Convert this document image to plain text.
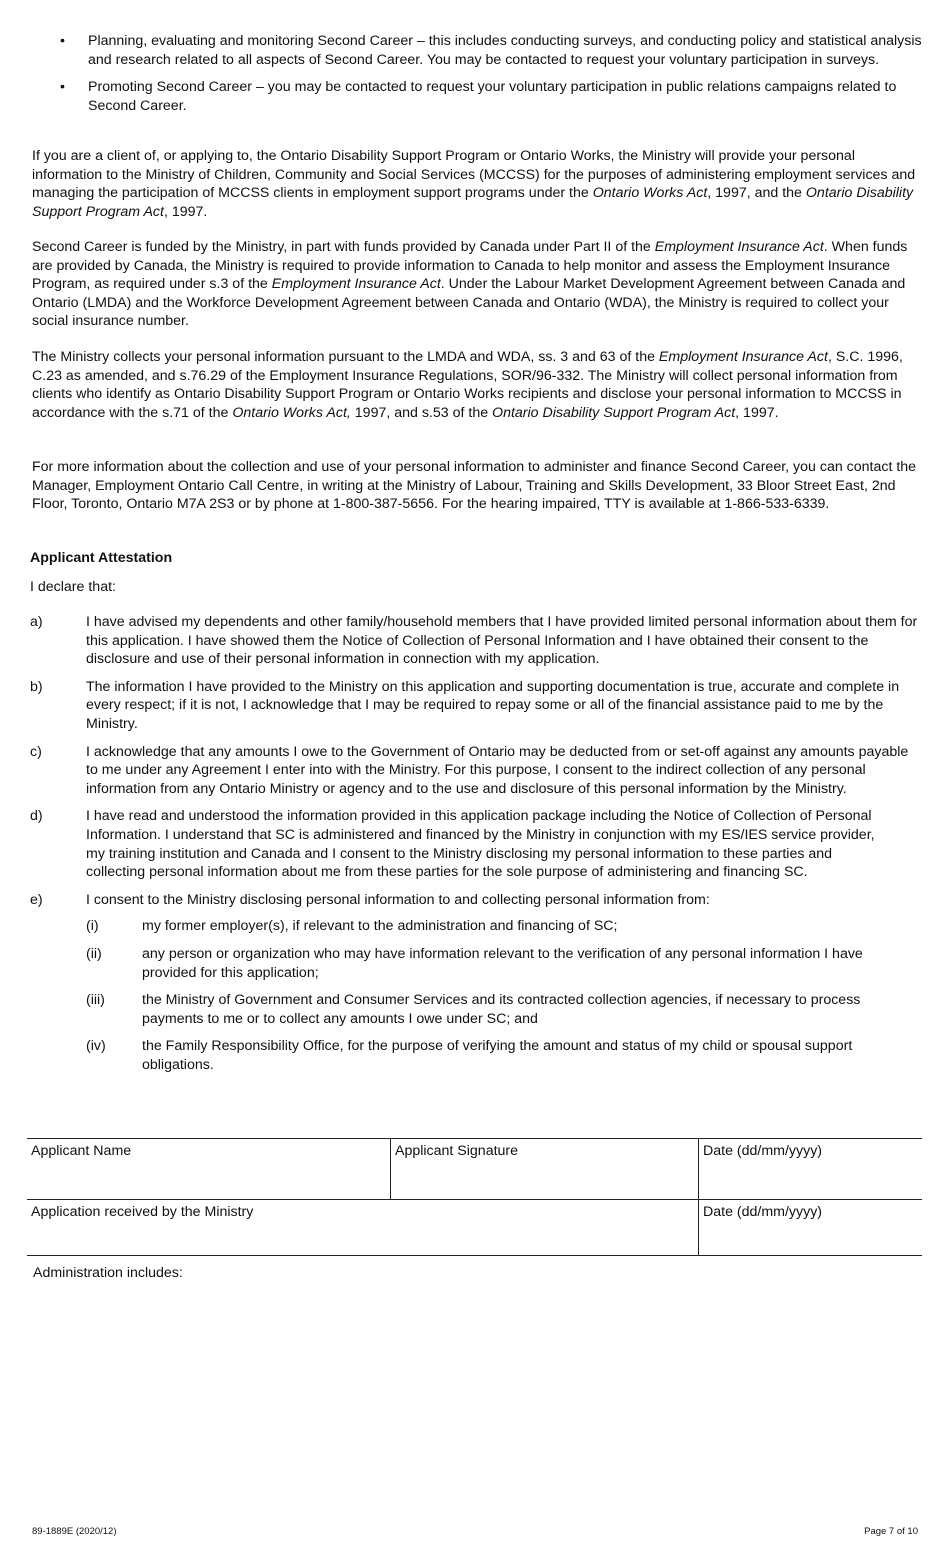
• Planning, evaluating and monitoring Second Career – this includes conducting surveys, and conducting policy and statistical analysis and research related to all aspects of Second Career. You may be contacted to request your voluntary participation in surveys.
• Promoting Second Career – you may be contacted to request your voluntary participation in public relations campaigns related to Second Career.

If you are a client of, or applying to, the Ontario Disability Support Program or Ontario Works, the Ministry will provide your personal information to the Ministry of Children, Community and Social Services (MCCSS) for the purposes of administering employment services and managing the participation of MCCSS clients in employment support programs under the Ontario Works Act, 1997, and the Ontario Disability Support Program Act, 1997.

Second Career is funded by the Ministry, in part with funds provided by Canada under Part II of the Employment Insurance Act. When funds are provided by Canada, the Ministry is required to provide information to Canada to help monitor and assess the Employment Insurance Program, as required under s.3 of the Employment Insurance Act. Under the Labour Market Development Agreement between Canada and Ontario (LMDA) and the Workforce Development Agreement between Canada and Ontario (WDA), the Ministry is required to collect your social insurance number.

The Ministry collects your personal information pursuant to the LMDA and WDA, ss. 3 and 63 of the Employment Insurance Act, S.C. 1996, C.23 as amended, and s.76.29 of the Employment Insurance Regulations, SOR/96-332. The Ministry will collect personal information from clients who identify as Ontario Disability Support Program or Ontario Works recipients and disclose your personal information to MCCSS in accordance with the s.71 of the Ontario Works Act, 1997, and s.53 of the Ontario Disability Support Program Act, 1997.

For more information about the collection and use of your personal information to administer and finance Second Career, you can contact the Manager, Employment Ontario Call Centre, in writing at the Ministry of Labour, Training and Skills Development, 33 Bloor Street East, 2nd Floor, Toronto, Ontario M7A 2S3 or by phone at 1-800-387-5656. For the hearing impaired, TTY is available at 1-866-533-6339.

Applicant Attestation

I declare that:

a)	I have advised my dependents and other family/household members that I have provided limited personal information about them for this application. I have showed them the Notice of Collection of Personal Information and I have obtained their consent to the disclosure and use of their personal information in connection with my application.
b)	The information I have provided to the Ministry on this application and supporting documentation is true, accurate and complete in every respect; if it is not, I acknowledge that I may be required to repay some or all of the financial assistance paid to me by the Ministry.
c)	I acknowledge that any amounts I owe to the Government of Ontario may be deducted from or set-off against any amounts payable to me under any Agreement I enter into with the Ministry. For this purpose, I consent to the indirect collection of any personal information from any Ontario Ministry or agency and to the use and disclosure of this personal information by the Ministry.
d)	I have read and understood the information provided in this application package including the Notice of Collection of Personal Information. I understand that SC is administered and financed by the Ministry in conjunction with my ES/IES service provider, my training institution and Canada and I consent to the Ministry disclosing my personal information to these parties and collecting personal information about me from these parties for the sole purpose of administering and financing SC.
e)	I consent to the Ministry disclosing personal information to and collecting personal information from:
(i)	my former employer(s), if relevant to the administration and financing of SC;
(ii)	any person or organization who may have information relevant to the verification of any personal information I have provided for this application;
(iii)	the Ministry of Government and Consumer Services and its contracted collection agencies, if necessary to process payments to me or to collect any amounts I owe under SC; and
(iv)	the Family Responsibility Office, for the purpose of verifying the amount and status of my child or spousal support obligations.
Applicant Name	Applicant Signature	Date (dd/mm/yyyy)
Application received by the Ministry	Date (dd/mm/yyyy)

Administration includes:

89-1889E (2020/12)	Page 7 of 10
